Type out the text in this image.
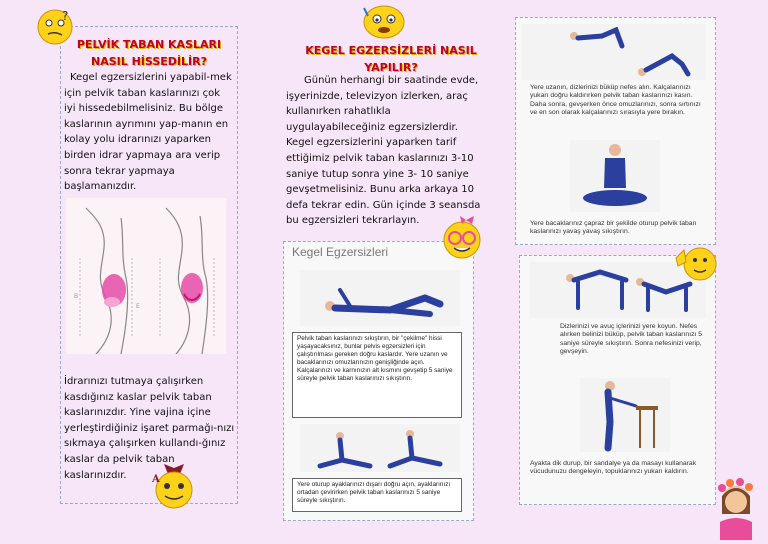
PELVİK TABAN KASLARI
NASIL HİSSEDİLİR?
Kegel egzersizlerini yapabil-mek için pelvik taban kaslarınızı çok iyi hissedebilmelisiniz. Bu bölge kaslarının ayrımını yap-manın en kolay yolu idrarınızı yaparken birden idrar yapmaya ara verip sonra tekrar yapmaya başlamanızdır.
B
E
İdrarınızı tutmaya çalışırken kasdığınız kaslar pelvik taban kaslarınızdır. Yine vajina içine yerleştirdiğiniz işaret parmağı-nızı sıkmaya çalışırken kullandı-ğınız kaslar da pelvik taban kaslarınızdır.
KEGEL EGZERSİZLERİ NASIL
YAPILIR?
Günün herhangi bir saatinde evde, işyerinizde, televizyon izlerken, araç kullanırken rahatlıkla uygulayabileceğiniz egzersizlerdir. Kegel egzersizlerini yaparken tarif ettiğimiz pelvik taban kaslarınızı 3-10 saniye tutup sonra yine 3- 10 saniye gevşetmelisiniz. Bunu arka arkaya 10 defa tekrar edin. Gün içinde 3 seansda bu egzersizleri tekrarlayın.
Kegel Egzersizleri
Pelvik taban kaslarınızı sıkıştırın, bir "çekilme" hissi yaşayacaksınız, bunlar pelvis egzersizleri için çalıştırılması gereken doğru kaslardır. Yere uzanın ve bacaklarınızı omuzlarınızın genişliğinde açın. Kalçalarınızı ve karnınızın alt kısmını gevşetip 5 saniye süreyle pelvik taban kaslarınızı sıkıştırın.
Yere oturup ayaklarınızı dışarı doğru açın, ayaklarınızı ortadan çevirirken pelvik taban kaslarınızı 5 saniye süreyle sıkıştırın.
Yere uzanın, dizlerinizi büküp nefes alın. Kalçalarınızı yukarı doğru kaldırırken pelvik taban kaslarınızı kasın. Daha sonra, gevşerken önce omuzlarınızı, sonra sırtınızı ve en son olarak kalçalarınızı sırasıyla yere bırakın.
Yere bacaklarınız çapraz bir şekilde oturup pelvik taban kaslarınızı yavaş yavaş sıkıştırın.
Dizlerinizi ve avuç içlerinizi yere koyun. Nefes alırken belinizi büküp, pelvik taban kaslarınızı 5 saniye süreyle sıkıştırın. Sonra nefesinizi verip, gevşeyin.
Ayakta dik durup, bir sandalye ya da masayı kullanarak vücudunuzu dengeleyin, topuklarınızı yukarı kaldırın.
?
A
